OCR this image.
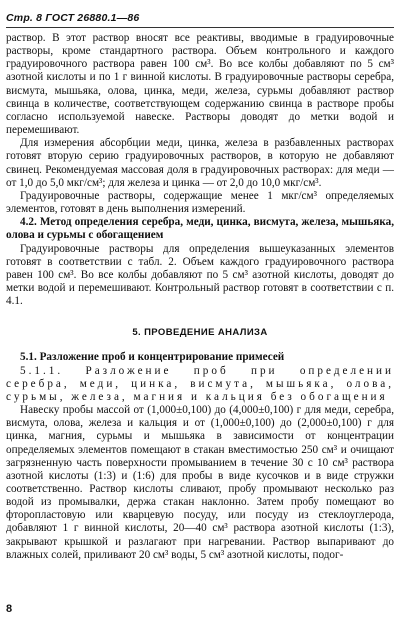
Стр. 8 ГОСТ 26880.1—86

раствор. В этот раствор вносят все реактивы, вводимые в градуировочные растворы, кроме стандартного раствора. Объем контрольного и каждого градуировочного раствора равен 100 см³. Во все колбы добавляют по 5 см³ азотной кислоты и по 1 г винной кислоты. В градуировочные растворы серебра, висмута, мышьяка, олова, цинка, меди, железа, сурьмы добавляют раствор свинца в количестве, соответствующем содержанию свинца в растворе пробы согласно используемой навеске. Растворы доводят до метки водой и перемешивают.

Для измерения абсорбции меди, цинка, железа в разбавленных растворах готовят вторую серию градуировочных растворов, в которую не добавляют свинец. Рекомендуемая массовая доля в градуировочных растворах: для меди — от 1,0 до 5,0 мкг/см³; для железа и цинка — от 2,0 до 10,0 мкг/см³.

Градуировочные растворы, содержащие менее 1 мкг/см³ определяемых элементов, готовят в день выполнения измерений.

4.2. Метод определения серебра, меди, цинка, висмута, железа, мышьяка, олова и сурьмы с обогащением

Градуировочные растворы для определения вышеуказанных элементов готовят в соответствии с табл. 2. Объем каждого градуировочного раствора равен 100 см³. Во все колбы добавляют по 5 см³ азотной кислоты, доводят до метки водой и перемешивают. Контрольный раствор готовят в соответствии с п. 4.1.

5. ПРОВЕДЕНИЕ АНАЛИЗА

5.1. Разложение проб и концентрирование примесей

5.1.1. Разложение проб при определении серебра, меди, цинка, висмута, мышьяка, олова, сурьмы, железа, магния и кальция без обогащения

Навеску пробы массой от (1,000±0,100) до (4,000±0,100) г для меди, серебра, висмута, олова, железа и кальция и от (1,000±0,100) до (2,000±0,100) г для цинка, магния, сурьмы и мышьяка в зависимости от концентрации определяемых элементов помещают в стакан вместимостью 250 см³ и очищают загрязненную часть поверхности промыванием в течение 30 с 10 см³ раствора азотной кислоты (1:3) и (1:6) для пробы в виде кусочков и в виде стружки соответственно. Раствор кислоты сливают, пробу промывают несколько раз водой из промывалки, держа стакан наклонно. Затем пробу помещают во фторопластовую или кварцевую посуду, или посуду из стеклоуглерода, добавляют 1 г винной кислоты, 20—40 см³ раствора азотной кислоты (1:3), закрывают крышкой и разлагают при нагревании. Раствор выпаривают до влажных солей, приливают 20 см³ воды, 5 см³ азотной кислоты, подог-

8
